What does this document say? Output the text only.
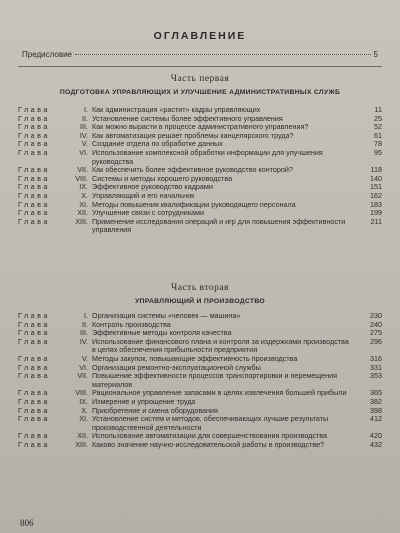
ОГЛАВЛЕНИЕ
Предисловие	5
Часть первая
ПОДГОТОВКА УПРАВЛЯЮЩИХ И УЛУЧШЕНИЕ АДМИНИСТРАТИВНЫХ СЛУЖБ
Глава	I. Как администрация «растит» кадры управляющих	11
Глава	II. Установление системы более эффективного управления	25
Глава	III. Как можно вырасти в процессе административного управления?	52
Глава	IV. Как автоматизация решает проблемы канцелярского труда?	61
Глава	V. Создание отдела по обработке данных	78
Глава	VI. Использование комплексной обработки информации для улучшения руководства
95
Глава	VII. Как обеспечить более эффективное руководство конторой?	118
Глава	VIII. Системы и методы хорошего руководства	140
Глава	IX. Эффективное руководство кадрами	151
Глава	X. Управляющий и его начальник	162
Глава	XI. Методы повышения квалификации руководящего персонала	183
Глава	XII. Улучшение связи с сотрудниками	199
Глава	XIII. Применение исследования операций и игр для повышения эффективности управления
211
Часть вторая
УПРАВЛЯЮЩИЙ И ПРОИЗВОДСТВО
Глава	I. Организация системы «человек — машина»	230
Глава	II. Контроль производства	240
Глава	III. Эффективные методы контроля качества	275
Глава	IV. Использование финансового плана и контроля за издержками производства в целях обеспечения прибыльности предприятия
296
Глава	V. Методы закупок, повышающие эффективность производства	316
Глава	VI. Организация ремонтно-эксплуатационной службы	331
Глава	VII. Повышение эффективности процессов транспортировки и перемещения материалов
353
Глава	VIII. Рациональное управление запасами в целях извлечения большей прибыли	365
Глава	IX. Измерение и упрощение труда	382
Глава	X. Приобретение и смена оборудования	398
Глава	XI. Установление систем и методов, обеспечивающих лучшие результаты производственной деятельности
412
Глава	XII. Использование автоматизации для совершенствования производства	420
Глава	XIII. Каково значение научно-исследовательской работы в производстве?	432
806
